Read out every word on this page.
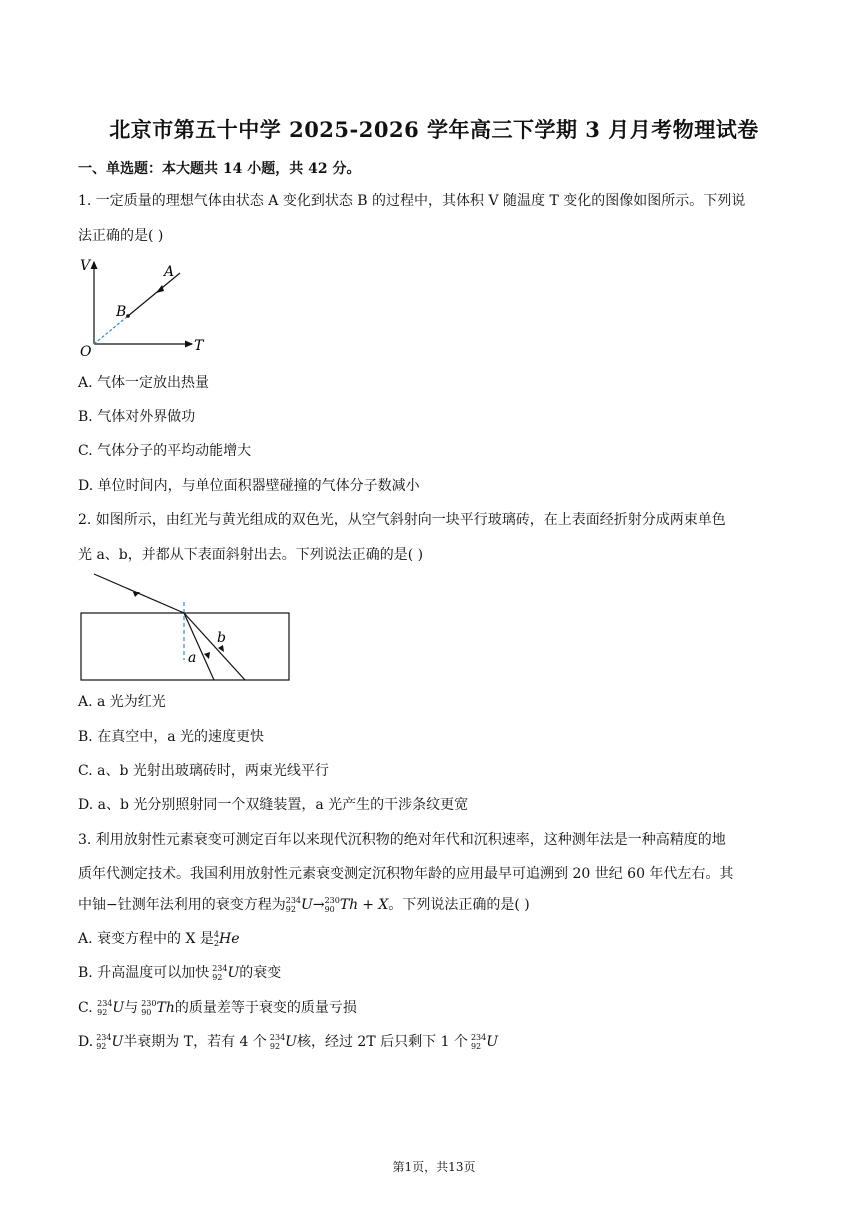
北京市第五十中学 2025-2026 学年高三下学期 3 月月考物理试卷
一、单选题：本大题共 14 小题，共 42 分。
1. 一定质量的理想气体由状态 A 变化到状态 B 的过程中，其体积 V 随温度 T 变化的图像如图所示。下列说
法正确的是( )
V
T
O
A
B
A. 气体一定放出热量
B. 气体对外界做功
C. 气体分子的平均动能增大
D. 单位时间内，与单位面积器壁碰撞的气体分子数减小
2. 如图所示，由红光与黄光组成的双色光，从空气斜射向一块平行玻璃砖，在上表面经折射分成两束单色
光 a、b，并都从下表面斜射出去。下列说法正确的是( )
a
b
A. a 光为红光
B. 在真空中，a 光的速度更快
C. a、b 光射出玻璃砖时，两束光线平行
D. a、b 光分别照射同一个双缝装置，a 光产生的干涉条纹更宽
3. 利用放射性元素衰变可测定百年以来现代沉积物的绝对年代和沉积速率，这种测年法是一种高精度的地
质年代测定技术。我国利用放射性元素衰变测定沉积物年龄的应用最早可追溯到 20 世纪 60 年代左右。其
中铀−钍测年法利用的衰变方程为 234
92 U → 230
90 Th + X 。下列说法正确的是( )
A. 衰变方程中的 X 是 4
2 He
B. 升高温度可以加快 234
92 U 的衰变
C. 234
92 U 与 230
90 Th 的质量差等于衰变的质量亏损
D. 234
92 U 半衰期为 T，若有 4 个 234
92 U 核，经过 2T 后只剩下 1 个 234
92 U
第1页，共13页
